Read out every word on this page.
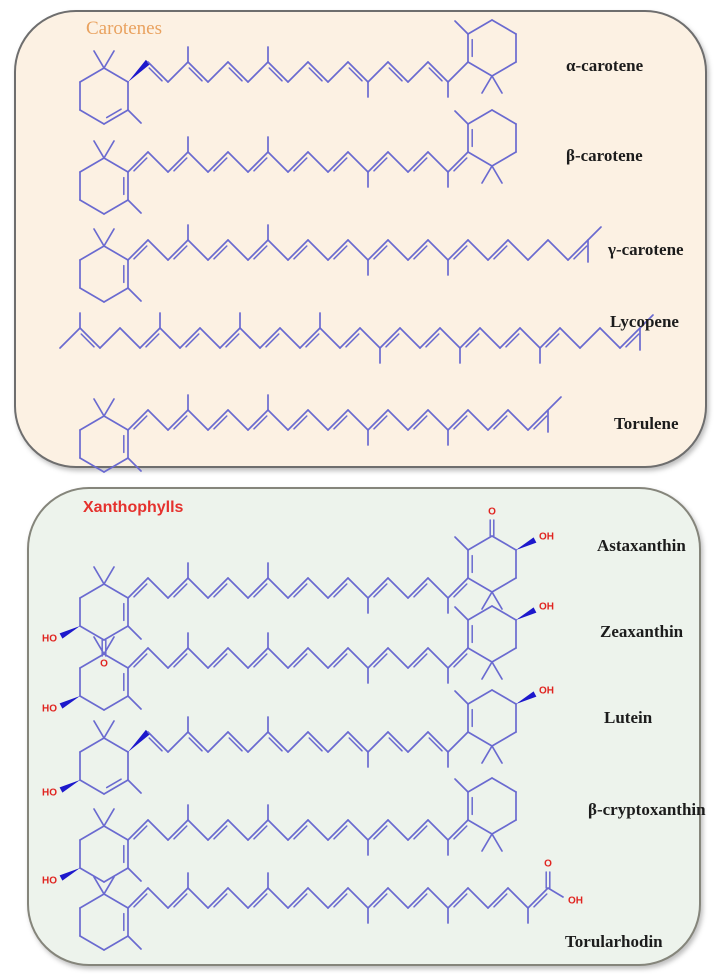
Carotenes
Xanthophylls
HO
O
OH
O
HO
OH
HO
OH
HO
O
OH
α-carotene
β-carotene
γ-carotene
Lycopene
Torulene
Astaxanthin
Zeaxanthin
Lutein
β-cryptoxanthin
Torularhodin
